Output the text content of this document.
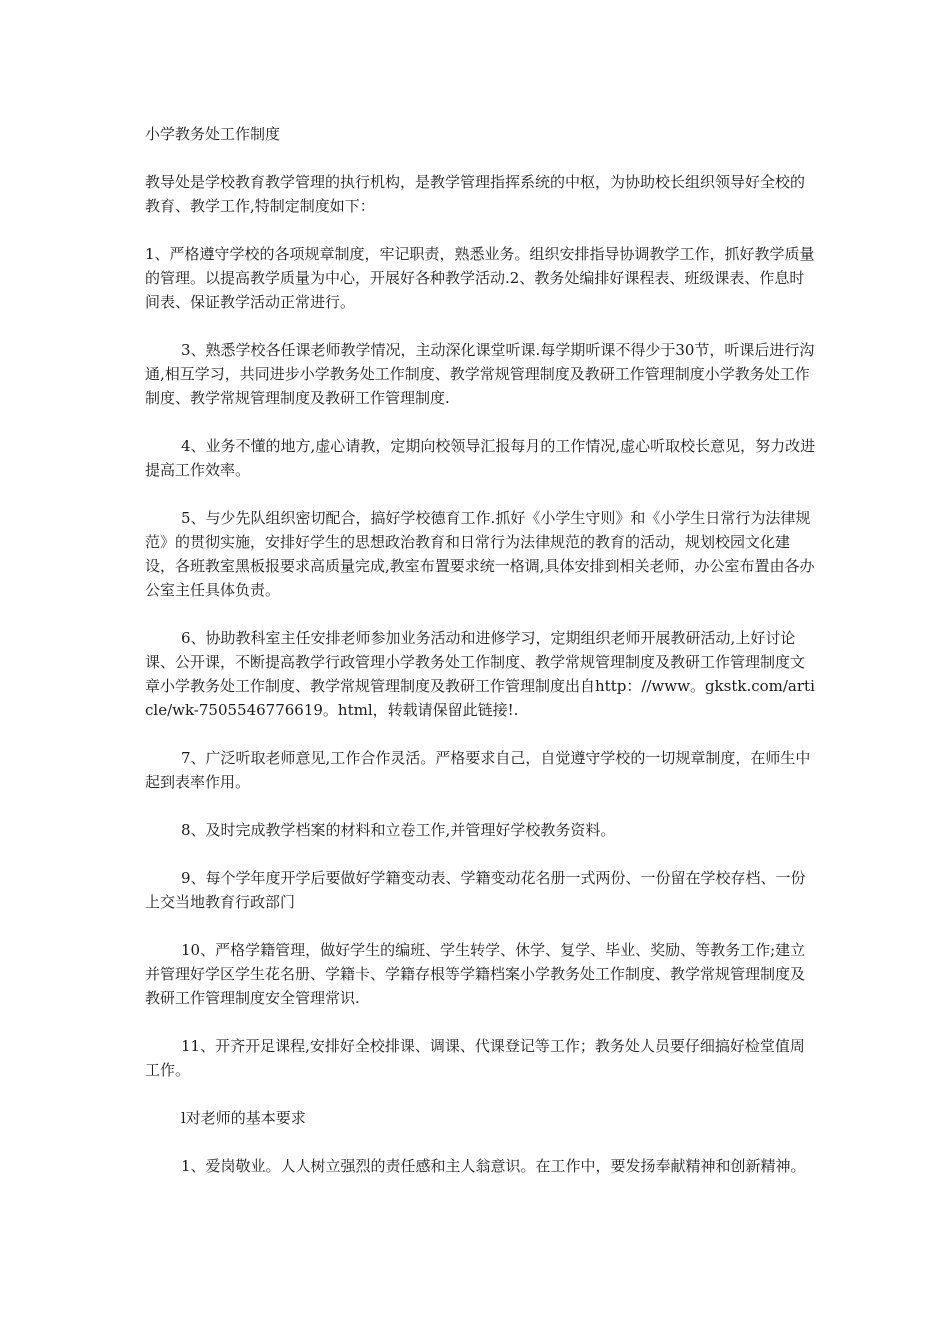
小学教务处工作制度

教导处是学校教育教学管理的执行机构，是教学管理指挥系统的中枢，为协助校长组织领导好全校的教育、教学工作,特制定制度如下：

1、严格遵守学校的各项规章制度，牢记职责，熟悉业务。组织安排指导协调教学工作，抓好教学质量的管理。以提高教学质量为中心，开展好各种教学活动.2、教务处编排好课程表、班级课表、作息时间表、保证教学活动正常进行。

3、熟悉学校各任课老师教学情况，主动深化课堂听课.每学期听课不得少于30节，听课后进行沟通,相互学习，共同进步小学教务处工作制度、教学常规管理制度及教研工作管理制度小学教务处工作制度、教学常规管理制度及教研工作管理制度.

4、业务不懂的地方,虚心请教，定期向校领导汇报每月的工作情况,虚心听取校长意见，努力改进提高工作效率。

5、与少先队组织密切配合，搞好学校德育工作.抓好《小学生守则》和《小学生日常行为法律规范》的贯彻实施，安排好学生的思想政治教育和日常行为法律规范的教育的活动，规划校园文化建设，各班教室黑板报要求高质量完成,教室布置要求统一格调,具体安排到相关老师，办公室布置由各办公室主任具体负责。

6、协助教科室主任安排老师参加业务活动和进修学习，定期组织老师开展教研活动,上好讨论课、公开课，不断提高教学行政管理小学教务处工作制度、教学常规管理制度及教研工作管理制度文章小学教务处工作制度、教学常规管理制度及教研工作管理制度出自http：//www。gkstk.com/article/wk-7505546776619。html，转载请保留此链接!.

7、广泛听取老师意见,工作合作灵活。严格要求自己，自觉遵守学校的一切规章制度，在师生中起到表率作用。

8、及时完成教学档案的材料和立卷工作,并管理好学校教务资料。

9、每个学年度开学后要做好学籍变动表、学籍变动花名册一式两份、一份留在学校存档、一份上交当地教育行政部门

10、严格学籍管理，做好学生的编班、学生转学、休学、复学、毕业、奖励、等教务工作;建立并管理好学区学生花名册、学籍卡、学籍存根等学籍档案小学教务处工作制度、教学常规管理制度及教研工作管理制度安全管理常识.

11、开齐开足课程,安排好全校排课、调课、代课登记等工作；教务处人员要仔细搞好检堂值周工作。

l对老师的基本要求

1、爱岗敬业。人人树立强烈的责任感和主人翁意识。在工作中，要发扬奉献精神和创新精神。
